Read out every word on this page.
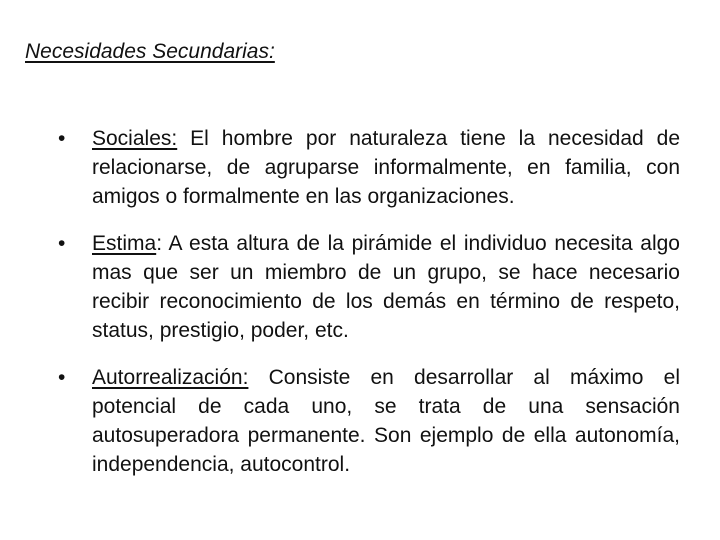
Necesidades Secundarias:
•	Sociales: El hombre por naturaleza tiene la necesidad de relacionarse, de agruparse informalmente, en familia, con amigos o formalmente en las organizaciones.
•	Estima: A esta altura de la pirámide el individuo necesita algo mas que ser un miembro de un grupo, se hace necesario recibir reconocimiento de los demás en término de respeto, status, prestigio, poder, etc.
•	Autorrealización: Consiste en desarrollar al máximo el potencial de cada uno, se trata de una sensación autosuperadora permanente. Son ejemplo de ella autonomía, independencia, autocontrol.
